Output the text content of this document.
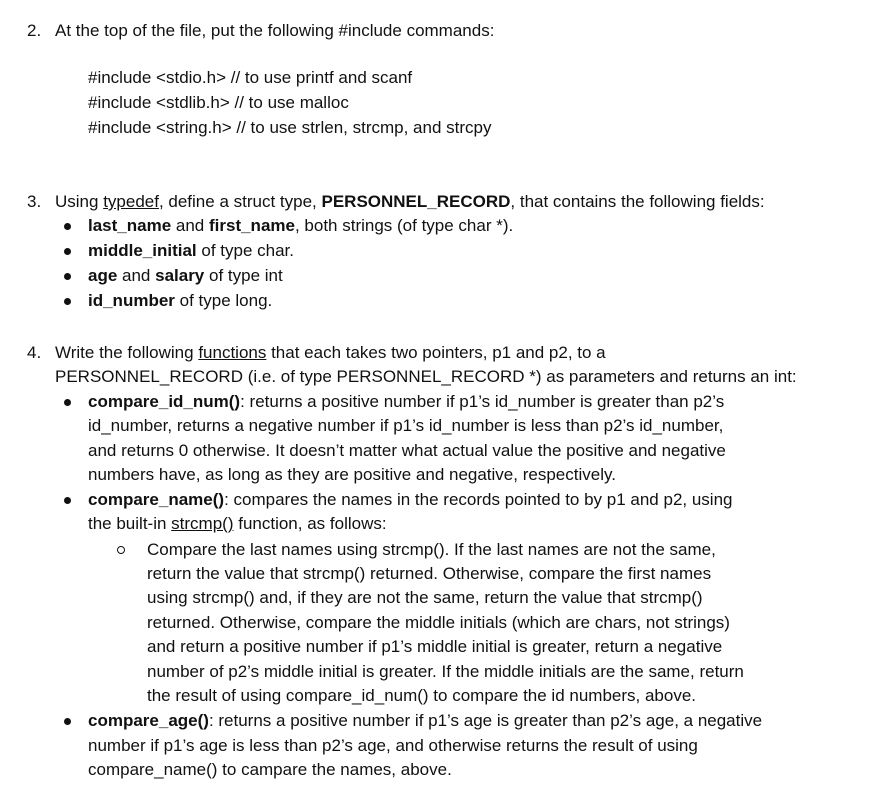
2. At the top of the file, put the following #include commands:
#include <stdio.h> // to use printf and scanf
#include <stdlib.h> // to use malloc
#include <string.h> // to use strlen, strcmp, and strcpy
3. Using typedef, define a struct type, PERSONNEL_RECORD, that contains the following fields:
last_name and first_name, both strings (of type char *).
middle_initial of type char.
age and salary of type int
id_number of type long.
4. Write the following functions that each takes two pointers, p1 and p2, to a
PERSONNEL_RECORD (i.e. of type PERSONNEL_RECORD *) as parameters and returns an int:
compare_id_num(): returns a positive number if p1’s id_number is greater than p2’s
id_number, returns a negative number if p1’s id_number is less than p2’s id_number,
and returns 0 otherwise. It doesn’t matter what actual value the positive and negative
numbers have, as long as they are positive and negative, respectively.
compare_name(): compares the names in the records pointed to by p1 and p2, using
the built-in strcmp() function, as follows:
Compare the last names using strcmp(). If the last names are not the same,
return the value that strcmp() returned. Otherwise, compare the first names
using strcmp() and, if they are not the same, return the value that strcmp()
returned. Otherwise, compare the middle initials (which are chars, not strings)
and return a positive number if p1’s middle initial is greater, return a negative
number of p2’s middle initial is greater. If the middle initials are the same, return
the result of using compare_id_num() to compare the id numbers, above.
compare_age(): returns a positive number if p1’s age is greater than p2’s age, a negative
number if p1’s age is less than p2’s age, and otherwise returns the result of using
compare_name() to campare the names, above.
